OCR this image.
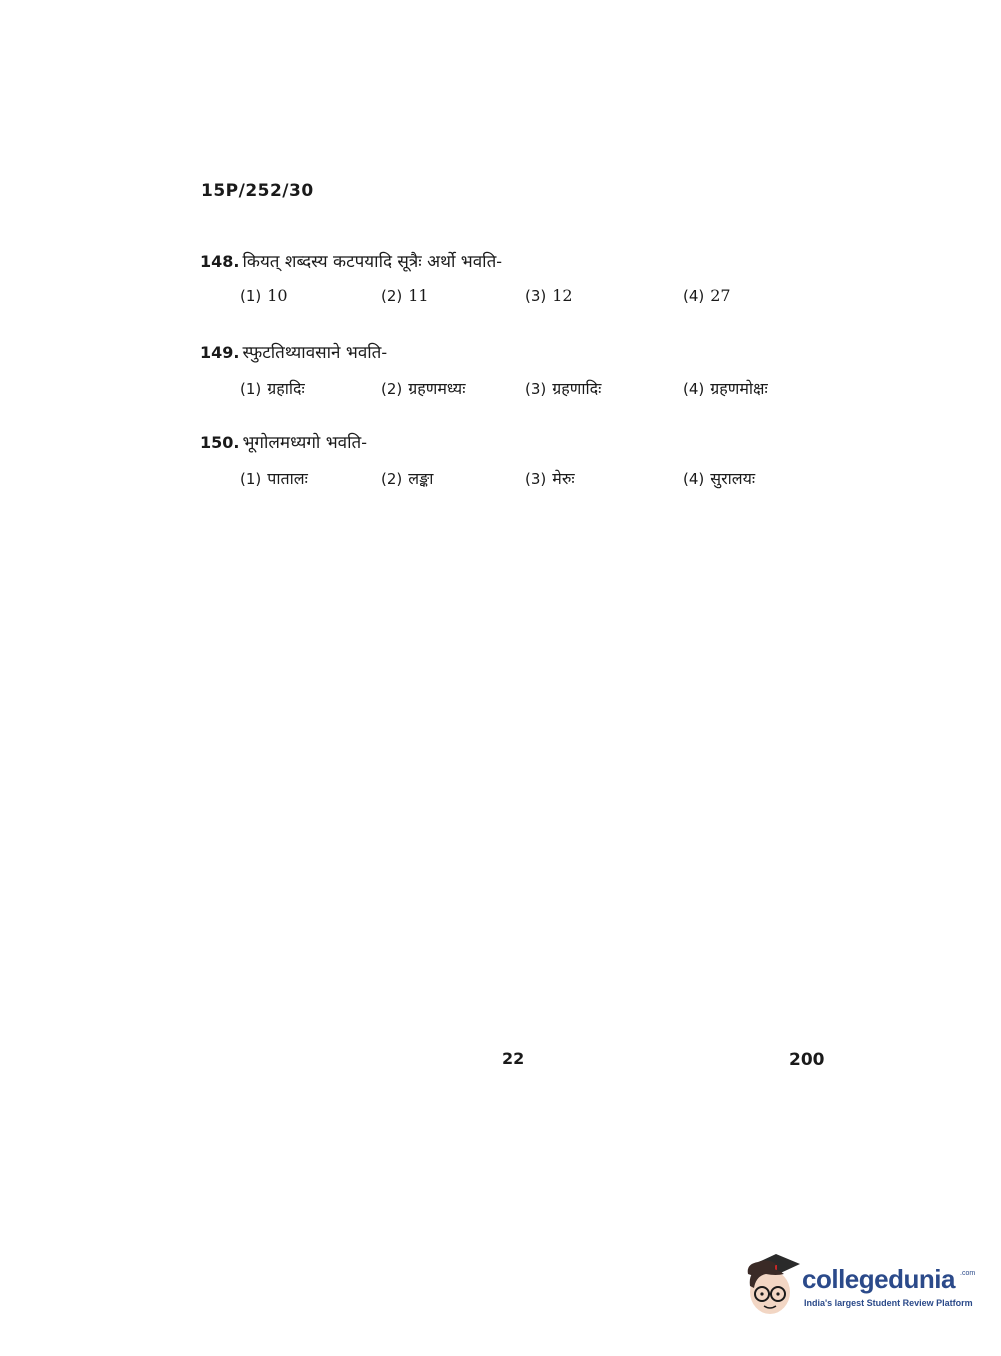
15P/252/30
148. कियत् शब्दस्य कटपयादि सूत्रैः अर्थो भवति-
(1) 10	(2) 11	(3) 12	(4) 27
149. स्फुटतिथ्यावसाने भवति-
(1) ग्रहादिः	(2) ग्रहणमध्यः	(3) ग्रहणादिः	(4) ग्रहणमोक्षः
150. भूगोलमध्यगो भवति-
(1) पातालः	(2) लङ्का	(3) मेरुः	(4) सुरालयः
22	200
collegedunia .com
India's largest Student Review Platform
